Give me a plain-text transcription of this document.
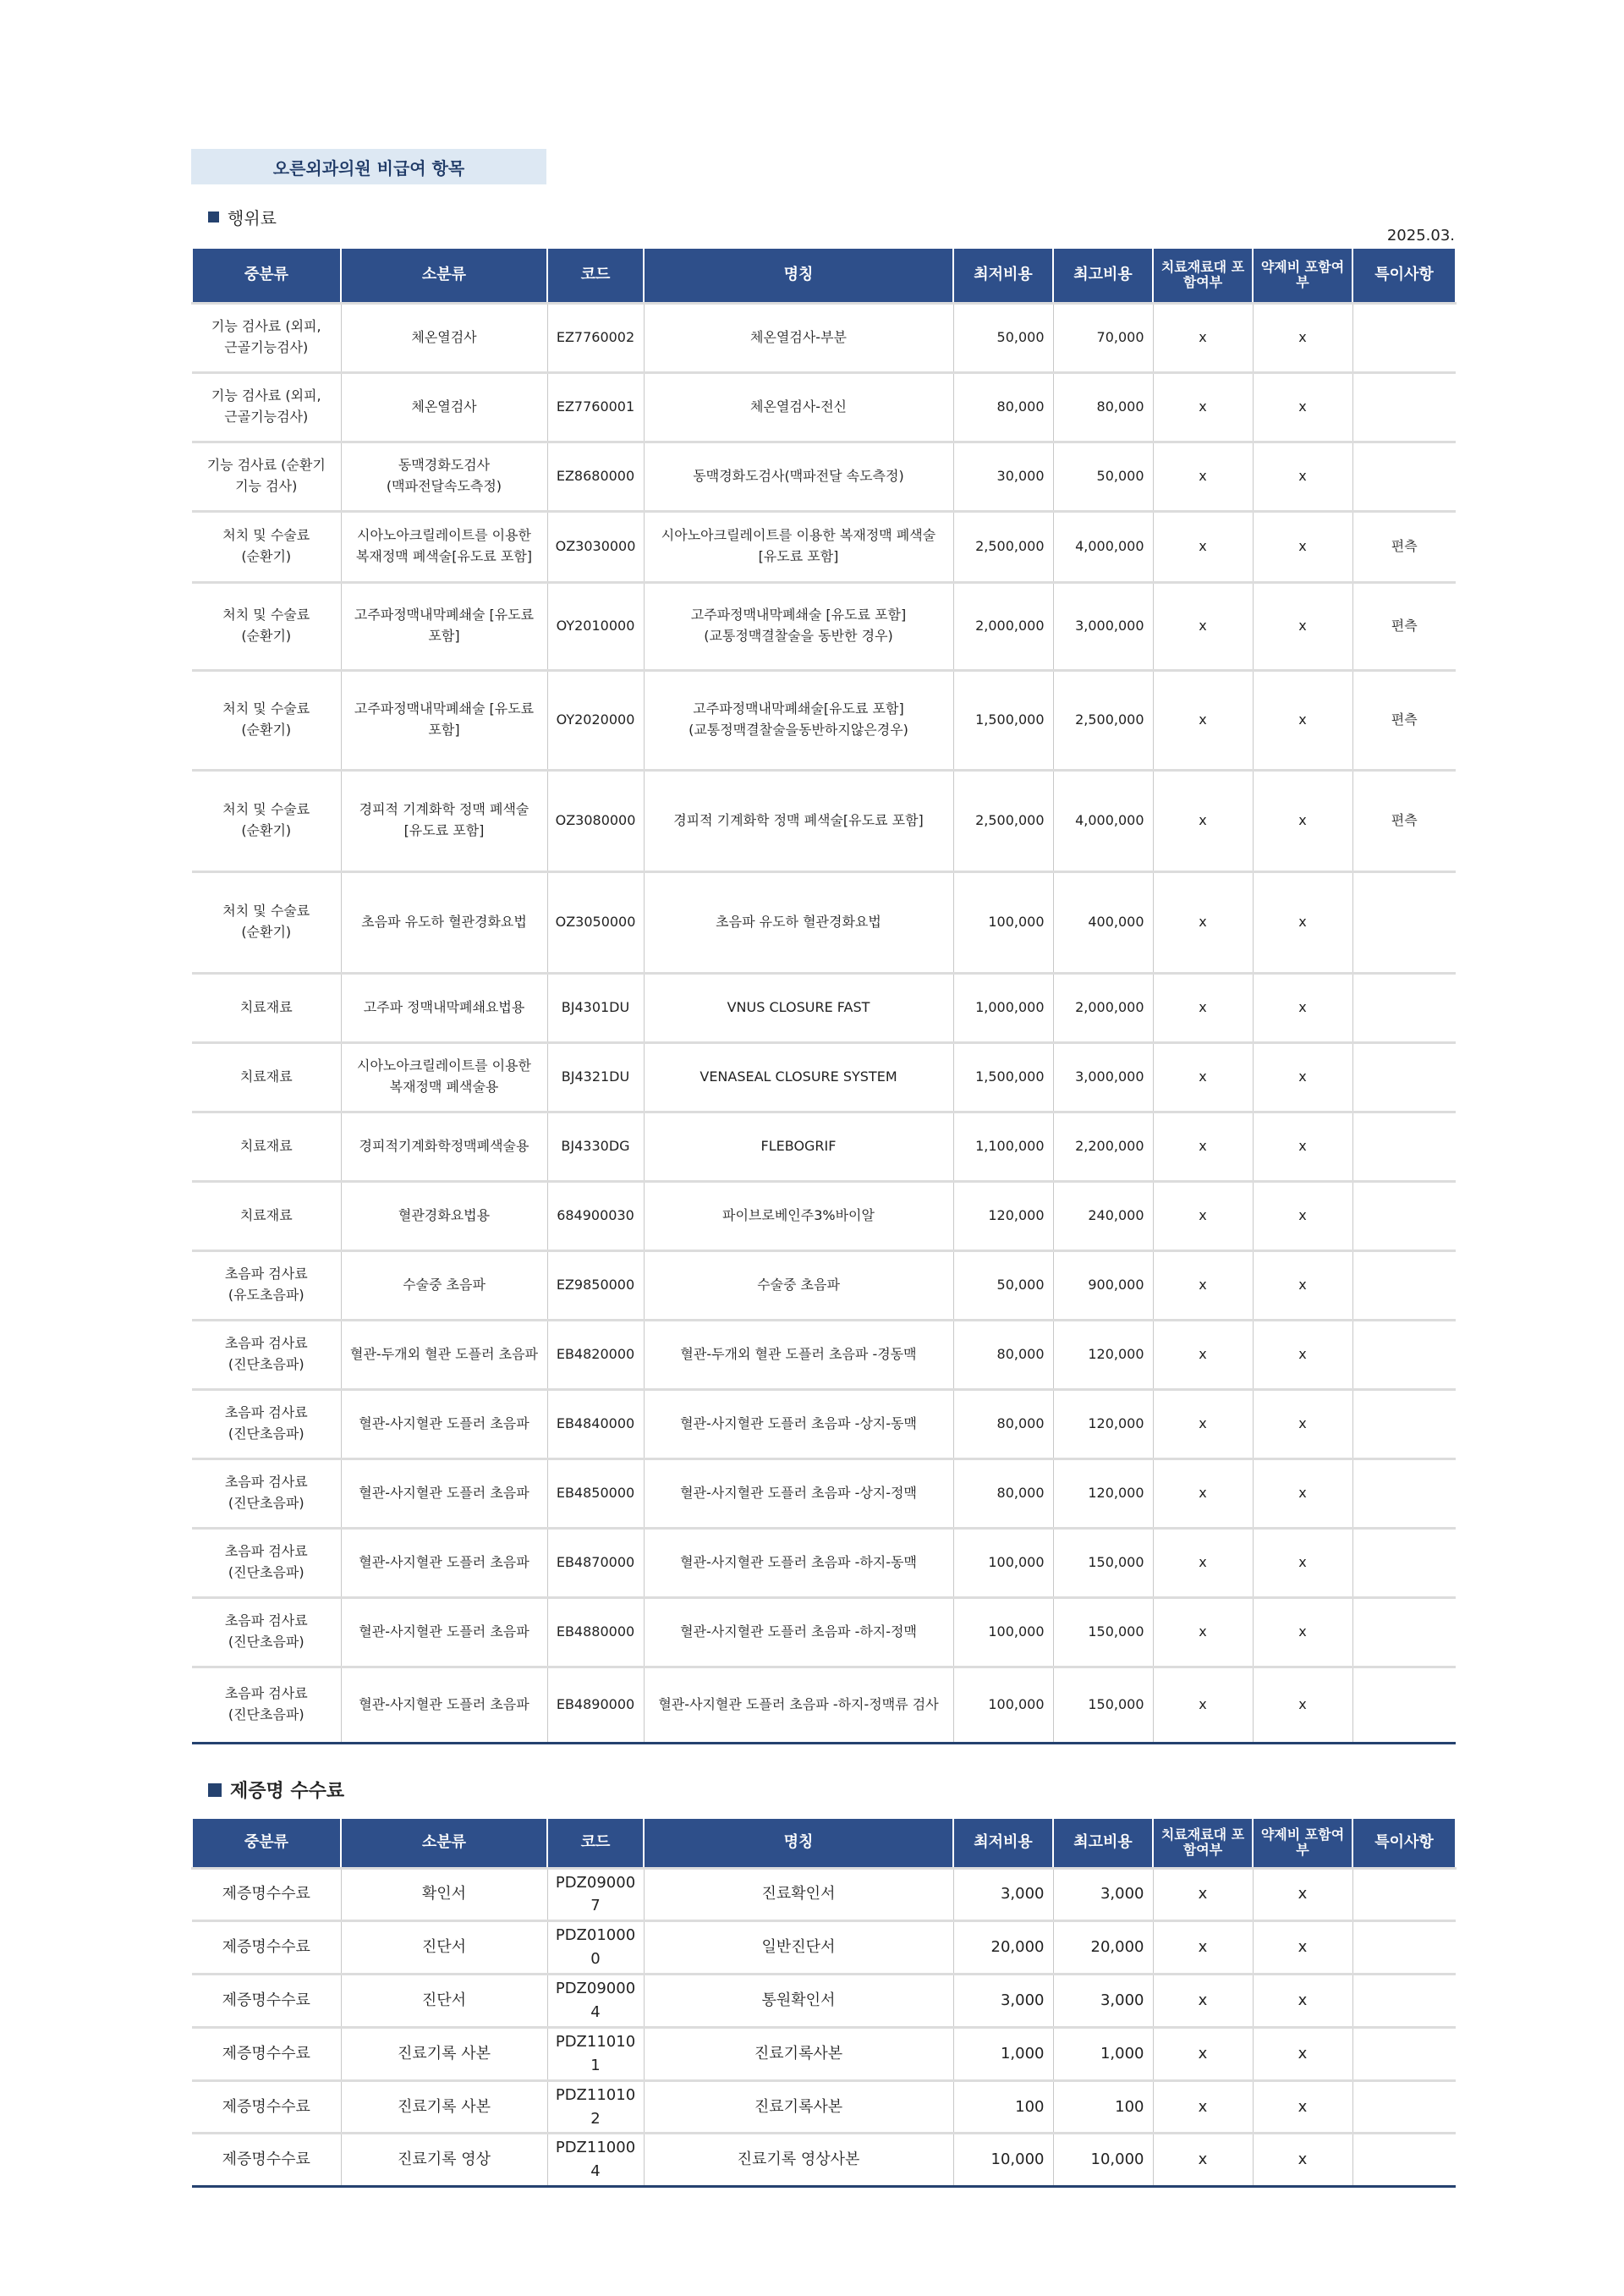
오른외과의원 비급여 항목
행위료
2025.03.
중분류	소분류	코드	명칭	최저비용	최고비용	치료재료대 포함여부	약제비 포함여부	특이사항
기능 검사료 (외피, 근골기능검사)	체온열검사	EZ7760002	체온열검사-부분	50,000	70,000	x	x	
기능 검사료 (외피, 근골기능검사)	체온열검사	EZ7760001	체온열검사-전신	80,000	80,000	x	x	
기능 검사료 (순환기 기능 검사)	동맥경화도검사 (맥파전달속도측정)	EZ8680000	동맥경화도검사(맥파전달 속도측정)	30,000	50,000	x	x	
처치 및 수술료 (순환기)	시아노아크릴레이트를 이용한 복재정맥 폐색술[유도료 포함]	OZ3030000	시아노아크릴레이트를 이용한 복재정맥 폐색술 [유도료 포함]	2,500,000	4,000,000	x	x	편측
처치 및 수술료 (순환기)	고주파정맥내막폐쇄술 [유도료 포함]	OY2010000	고주파정맥내막폐쇄술 [유도료 포함](교통정맥결찰술을 동반한 경우)	2,000,000	3,000,000	x	x	편측
처치 및 수술료 (순환기)	고주파정맥내막폐쇄술 [유도료 포함]	OY2020000	고주파정맥내막폐쇄술[유도료 포함](교통정맥결찰술을동반하지않은경우)	1,500,000	2,500,000	x	x	편측
처치 및 수술료 (순환기)	경피적 기계화학 정맥 폐색술[유도료 포함]	OZ3080000	경피적 기계화학 정맥 폐색술[유도료 포함]	2,500,000	4,000,000	x	x	편측
처치 및 수술료 (순환기)	초음파 유도하 혈관경화요법	OZ3050000	초음파 유도하 혈관경화요법	100,000	400,000	x	x	
치료재료	고주파 정맥내막폐쇄요법용	BJ4301DU	VNUS CLOSURE FAST	1,000,000	2,000,000	x	x	
치료재료	시아노아크릴레이트를 이용한 복재정맥 폐색술용	BJ4321DU	VENASEAL CLOSURE SYSTEM	1,500,000	3,000,000	x	x	
치료재료	경피적기계화학정맥폐색술용	BJ4330DG	FLEBOGRIF	1,100,000	2,200,000	x	x	
치료재료	혈관경화요법용	684900030	파이브로베인주3%바이알	120,000	240,000	x	x	
초음파 검사료 (유도초음파)	수술중 초음파	EZ9850000	수술중 초음파	50,000	900,000	x	x	
초음파 검사료 (진단초음파)	혈관-두개외 혈관 도플러 초음파	EB4820000	혈관-두개외 혈관 도플러 초음파 -경동맥	80,000	120,000	x	x	
초음파 검사료 (진단초음파)	혈관-사지혈관 도플러 초음파	EB4840000	혈관-사지혈관 도플러 초음파 -상지-동맥	80,000	120,000	x	x	
초음파 검사료 (진단초음파)	혈관-사지혈관 도플러 초음파	EB4850000	혈관-사지혈관 도플러 초음파 -상지-정맥	80,000	120,000	x	x	
초음파 검사료 (진단초음파)	혈관-사지혈관 도플러 초음파	EB4870000	혈관-사지혈관 도플러 초음파 -하지-동맥	100,000	150,000	x	x	
초음파 검사료 (진단초음파)	혈관-사지혈관 도플러 초음파	EB4880000	혈관-사지혈관 도플러 초음파 -하지-정맥	100,000	150,000	x	x	
초음파 검사료 (진단초음파)	혈관-사지혈관 도플러 초음파	EB4890000	혈관-사지혈관 도플러 초음파 -하지-정맥류 검사	100,000	150,000	x	x	
제증명 수수료
중분류	소분류	코드	명칭	최저비용	최고비용	치료재료대 포함여부	약제비 포함여부	특이사항
제증명수수료	확인서	PDZ090007	진료확인서	3,000	3,000	x	x	
제증명수수료	진단서	PDZ010000	일반진단서	20,000	20,000	x	x	
제증명수수료	진단서	PDZ090004	통원확인서	3,000	3,000	x	x	
제증명수수료	진료기록 사본	PDZ110101	진료기록사본	1,000	1,000	x	x	
제증명수수료	진료기록 사본	PDZ110102	진료기록사본	100	100	x	x	
제증명수수료	진료기록 영상	PDZ110004	진료기록 영상사본	10,000	10,000	x	x	
